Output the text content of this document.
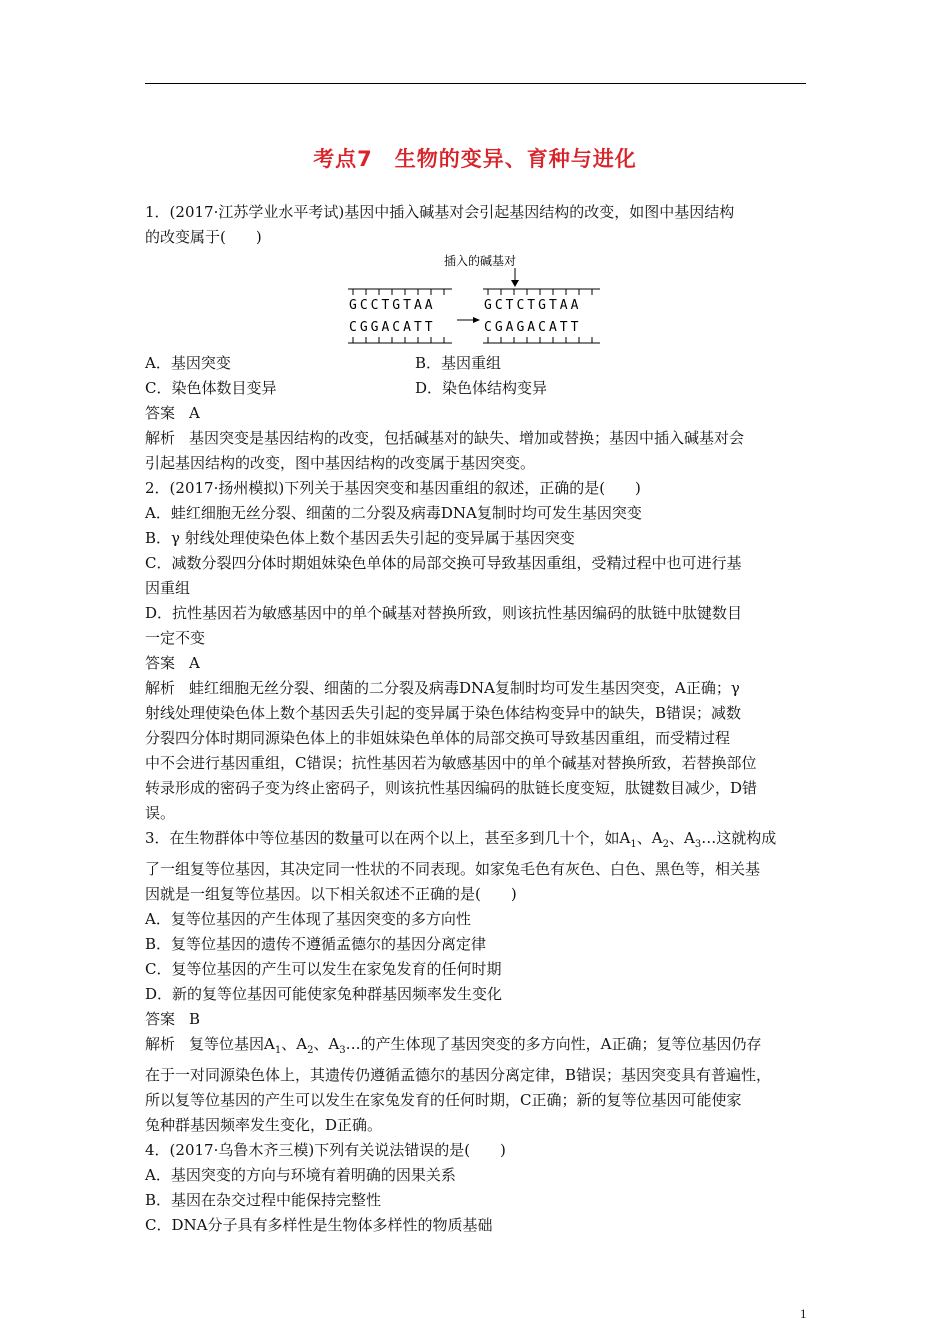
考点7　生物的变异、育种与进化

1．(2017·江苏学业水平考试)基因中插入碱基对会引起基因结构的改变，如图中基因结构

的改变属于(　　)

插入的碱基对
GCCTGTAA
CGGACATT
GCTCTGTAA
CGAGACATT
A．基因突变	B．基因重组
C．染色体数目变异	D．染色体结构变异

答案 A

解析 基因突变是基因结构的改变，包括碱基对的缺失、增加或替换；基因中插入碱基对会

引起基因结构的改变，图中基因结构的改变属于基因突变。

2．(2017·扬州模拟)下列关于基因突变和基因重组的叙述，正确的是(　　)

A．蛙红细胞无丝分裂、细菌的二分裂及病毒DNA复制时均可发生基因突变

B．γ 射线处理使染色体上数个基因丢失引起的变异属于基因突变

C．减数分裂四分体时期姐妹染色单体的局部交换可导致基因重组，受精过程中也可进行基

因重组

D．抗性基因若为敏感基因中的单个碱基对替换所致，则该抗性基因编码的肽链中肽键数目

一定不变

答案 A

解析 蛙红细胞无丝分裂、细菌的二分裂及病毒DNA复制时均可发生基因突变，A正确；γ

射线处理使染色体上数个基因丢失引起的变异属于染色体结构变异中的缺失，B错误；减数

分裂四分体时期同源染色体上的非姐妹染色单体的局部交换可导致基因重组，而受精过程

中不会进行基因重组，C错误；抗性基因若为敏感基因中的单个碱基对替换所致，若替换部位

转录形成的密码子变为终止密码子，则该抗性基因编码的肽链长度变短，肽键数目减少，D错

误。

3．在生物群体中等位基因的数量可以在两个以上，甚至多到几十个，如$A_1$、$A_2$、$A_3\dots$这就构成

了一组复等位基因，其决定同一性状的不同表现。如家兔毛色有灰色、白色、黑色等，相关基

因就是一组复等位基因。以下相关叙述不正确的是(　　)

A．复等位基因的产生体现了基因突变的多方向性

B．复等位基因的遗传不遵循孟德尔的基因分离定律

C．复等位基因的产生可以发生在家兔发育的任何时期

D．新的复等位基因可能使家兔种群基因频率发生变化

答案 B

解析 复等位基因$A_1$、$A_2$、$A_3\dots$的产生体现了基因突变的多方向性，A正确；复等位基因仍存

在于一对同源染色体上，其遗传仍遵循孟德尔的基因分离定律，B错误；基因突变具有普遍性，

所以复等位基因的产生可以发生在家兔发育的任何时期，C正确；新的复等位基因可能使家

兔种群基因频率发生变化，D正确。

4．(2017·乌鲁木齐三模)下列有关说法错误的是(　　)

A．基因突变的方向与环境有着明确的因果关系

B．基因在杂交过程中能保持完整性

C．DNA分子具有多样性是生物体多样性的物质基础

1
